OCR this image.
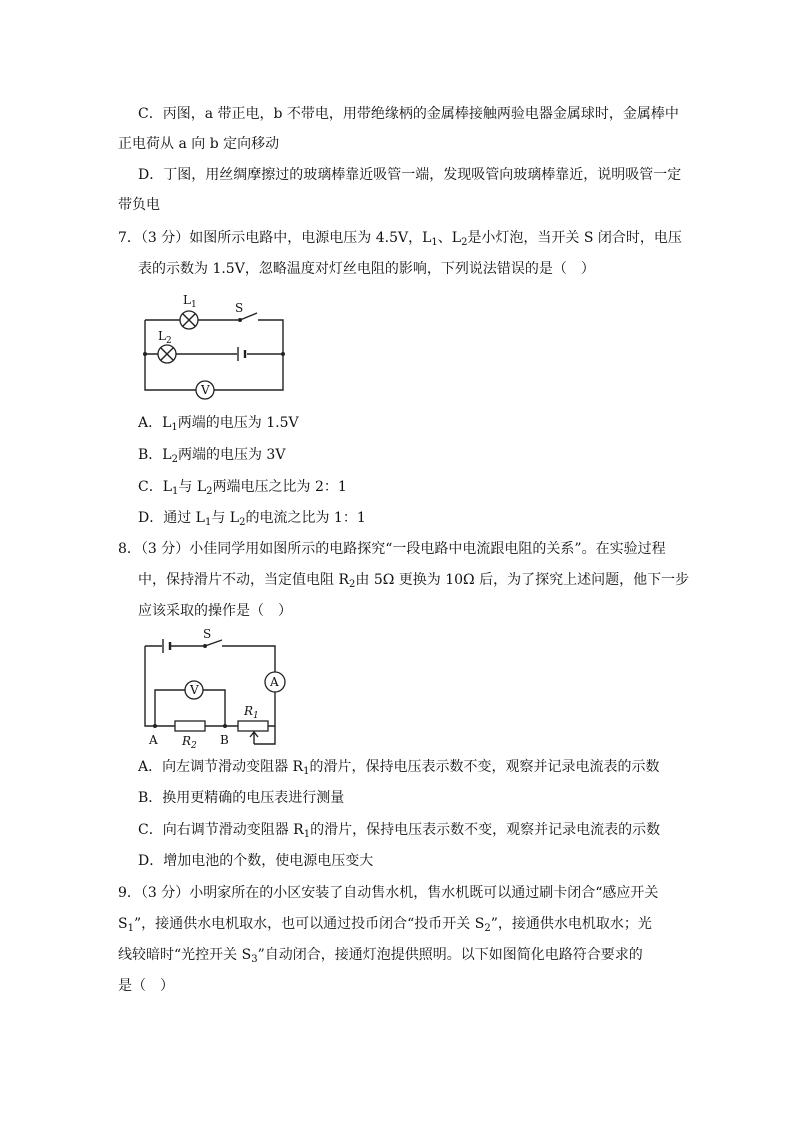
C．丙图，a 带正电，b 不带电，用带绝缘柄的金属棒接触两验电器金属球时，金属棒中
正电荷从 a 向 b 定向移动
D．丁图，用丝绸摩擦过的玻璃棒靠近吸管一端，发现吸管向玻璃棒靠近，说明吸管一定
带负电
7．（3 分）如图所示电路中，电源电压为 4.5V，$L_1$、$L_2$是小灯泡，当开关 S 闭合时，电压
表的示数为 1.5V，忽略温度对灯丝电阻的影响，下列说法错误的是（　）
S
$L_1$
$L_2$
V
A．$L_1$两端的电压为 1.5V
B．$L_2$两端的电压为 3V
C．$L_1$与 $L_2$两端电压之比为 2：1
D．通过 $L_1$与 $L_2$的电流之比为 1：1
8．（3 分）小佳同学用如图所示的电路探究“一段电路中电流跟电阻的关系”。在实验过程
中，保持滑片不动，当定值电阻 $R_2$由 5Ω 更换为 10Ω 后，为了探究上述问题，他下一步
应该采取的操作是（　）
S
A
V
$R_2$
A	B
$R_1$
A．向左调节滑动变阻器 $R_1$的滑片，保持电压表示数不变，观察并记录电流表的示数
B．换用更精确的电压表进行测量
C．向右调节滑动变阻器 $R_1$的滑片，保持电压表示数不变，观察并记录电流表的示数
D．增加电池的个数，使电源电压变大
9．（3 分）小明家所在的小区安装了自动售水机，售水机既可以通过刷卡闭合“感应开关
$S_1$”，接通供水电机取水，也可以通过投币闭合“投币开关 $S_2$”，接通供水电机取水；光
线较暗时“光控开关 $S_3$”自动闭合，接通灯泡提供照明。以下如图简化电路符合要求的
是（　）
